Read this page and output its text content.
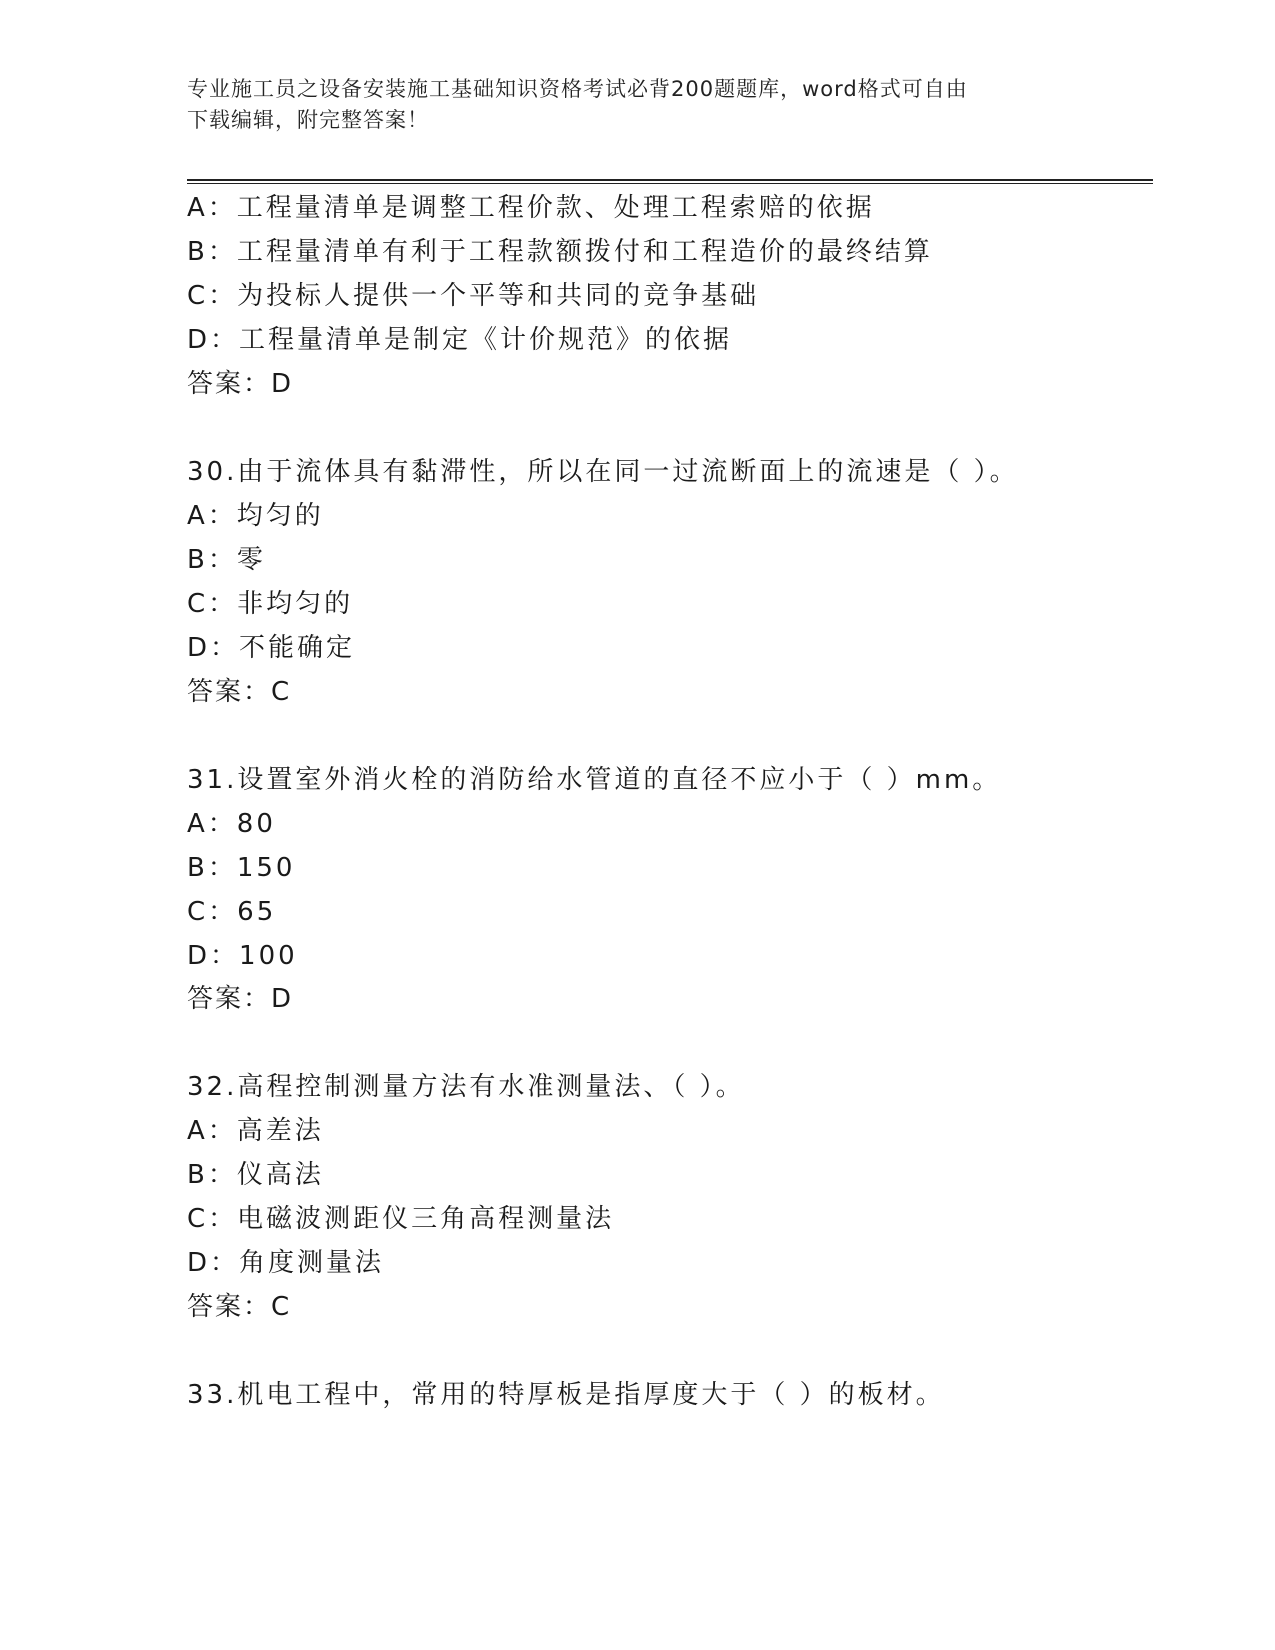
专业施工员之设备安装施工基础知识资格考试必背200题题库，word格式可自由
下载编辑，附完整答案！
A：工程量清单是调整工程价款、处理工程索赔的依据
B：工程量清单有利于工程款额拨付和工程造价的最终结算
C：为投标人提供一个平等和共同的竞争基础
D：工程量清单是制定《计价规范》的依据
答案：D
30.由于流体具有黏滞性，所以在同一过流断面上的流速是（ ）。
A：均匀的
B：零
C：非均匀的
D：不能确定
答案：C
31.设置室外消火栓的消防给水管道的直径不应小于（ ）mm。
A：80
B：150
C：65
D：100
答案：D
32.高程控制测量方法有水准测量法、（ ）。
A：高差法
B：仪高法
C：电磁波测距仪三角高程测量法
D：角度测量法
答案：C
33.机电工程中，常用的特厚板是指厚度大于（ ）的板材。
